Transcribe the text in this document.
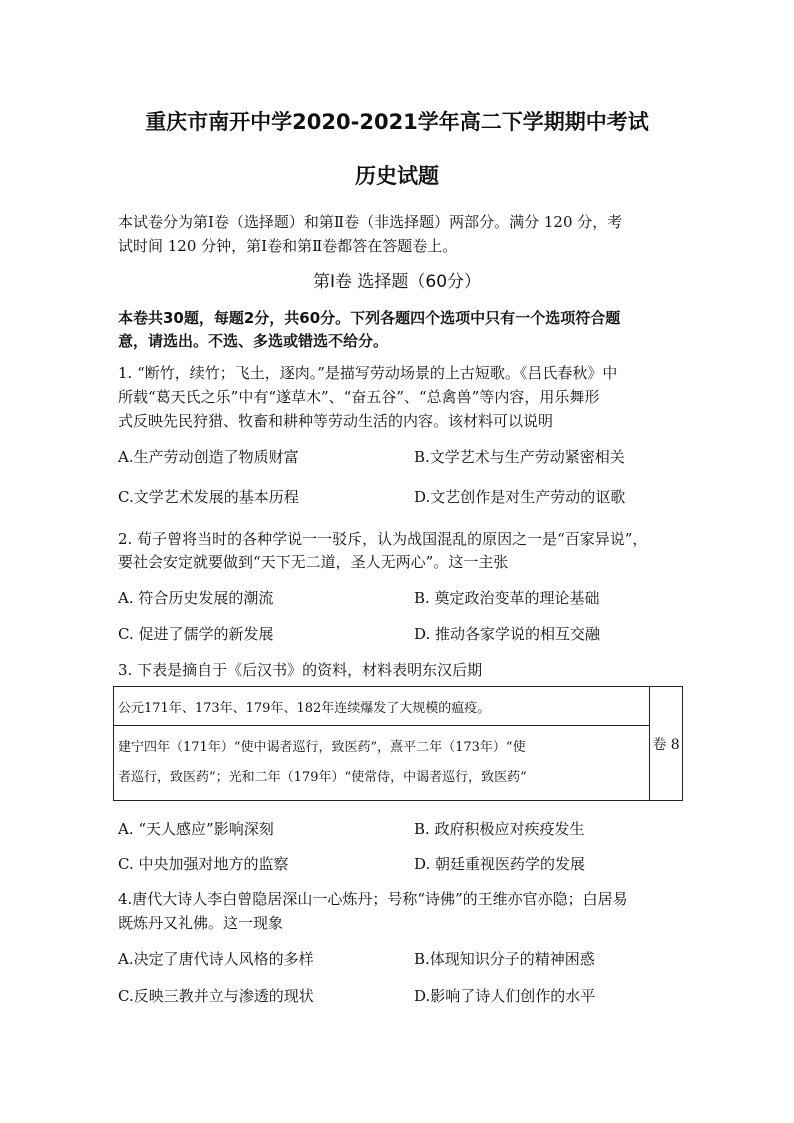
重庆市南开中学2020-2021学年高二下学期期中考试
历史试题
本试卷分为第Ⅰ卷（选择题）和第Ⅱ卷（非选择题）两部分。满分 120 分，考
试时间 120 分钟，第Ⅰ卷和第Ⅱ卷都答在答题卷上。
第Ⅰ卷 选择题（60分）
本卷共30题，每题2分，共60分。下列各题四个选项中只有一个选项符合题
意，请选出。不选、多选或错选不给分。
1. “断竹，续竹；飞土，逐肉。”是描写劳动场景的上古短歌。《吕氏春秋》中
所载“葛天氏之乐”中有“遂草木”、“奋五谷”、“总禽兽”等内容，用乐舞形
式反映先民狩猎、牧畜和耕种等劳动生活的内容。该材料可以说明
A.生产劳动创造了物质财富	B.文学艺术与生产劳动紧密相关
C.文学艺术发展的基本历程	D.文艺创作是对生产劳动的讴歌
2. 荀子曾将当时的各种学说一一驳斥，认为战国混乱的原因之一是“百家异说”，
要社会安定就要做到“天下无二道，圣人无两心”。这一主张
A. 符合历史发展的潮流	B. 奠定政治变革的理论基础
C. 促进了儒学的新发展	D. 推动各家学说的相互交融
3. 下表是摘自于《后汉书》的资料，材料表明东汉后期
公元171年、173年、179年、182年连续爆发了大规模的瘟疫。	卷 8

建宁四年（171年）“使中谒者巡行，致医药”，熹平二年（173年）“使
者巡行，致医药”；光和二年（179年）“使常侍，中谒者巡行，致医药”
A. “天人感应”影响深刻	B. 政府积极应对疾疫发生
C. 中央加强对地方的监察	D. 朝廷重视医药学的发展
4.唐代大诗人李白曾隐居深山一心炼丹；号称“诗佛”的王维亦官亦隐；白居易
既炼丹又礼佛。这一现象
A.决定了唐代诗人风格的多样	B.体现知识分子的精神困惑
C.反映三教并立与渗透的现状	D.影响了诗人们创作的水平
